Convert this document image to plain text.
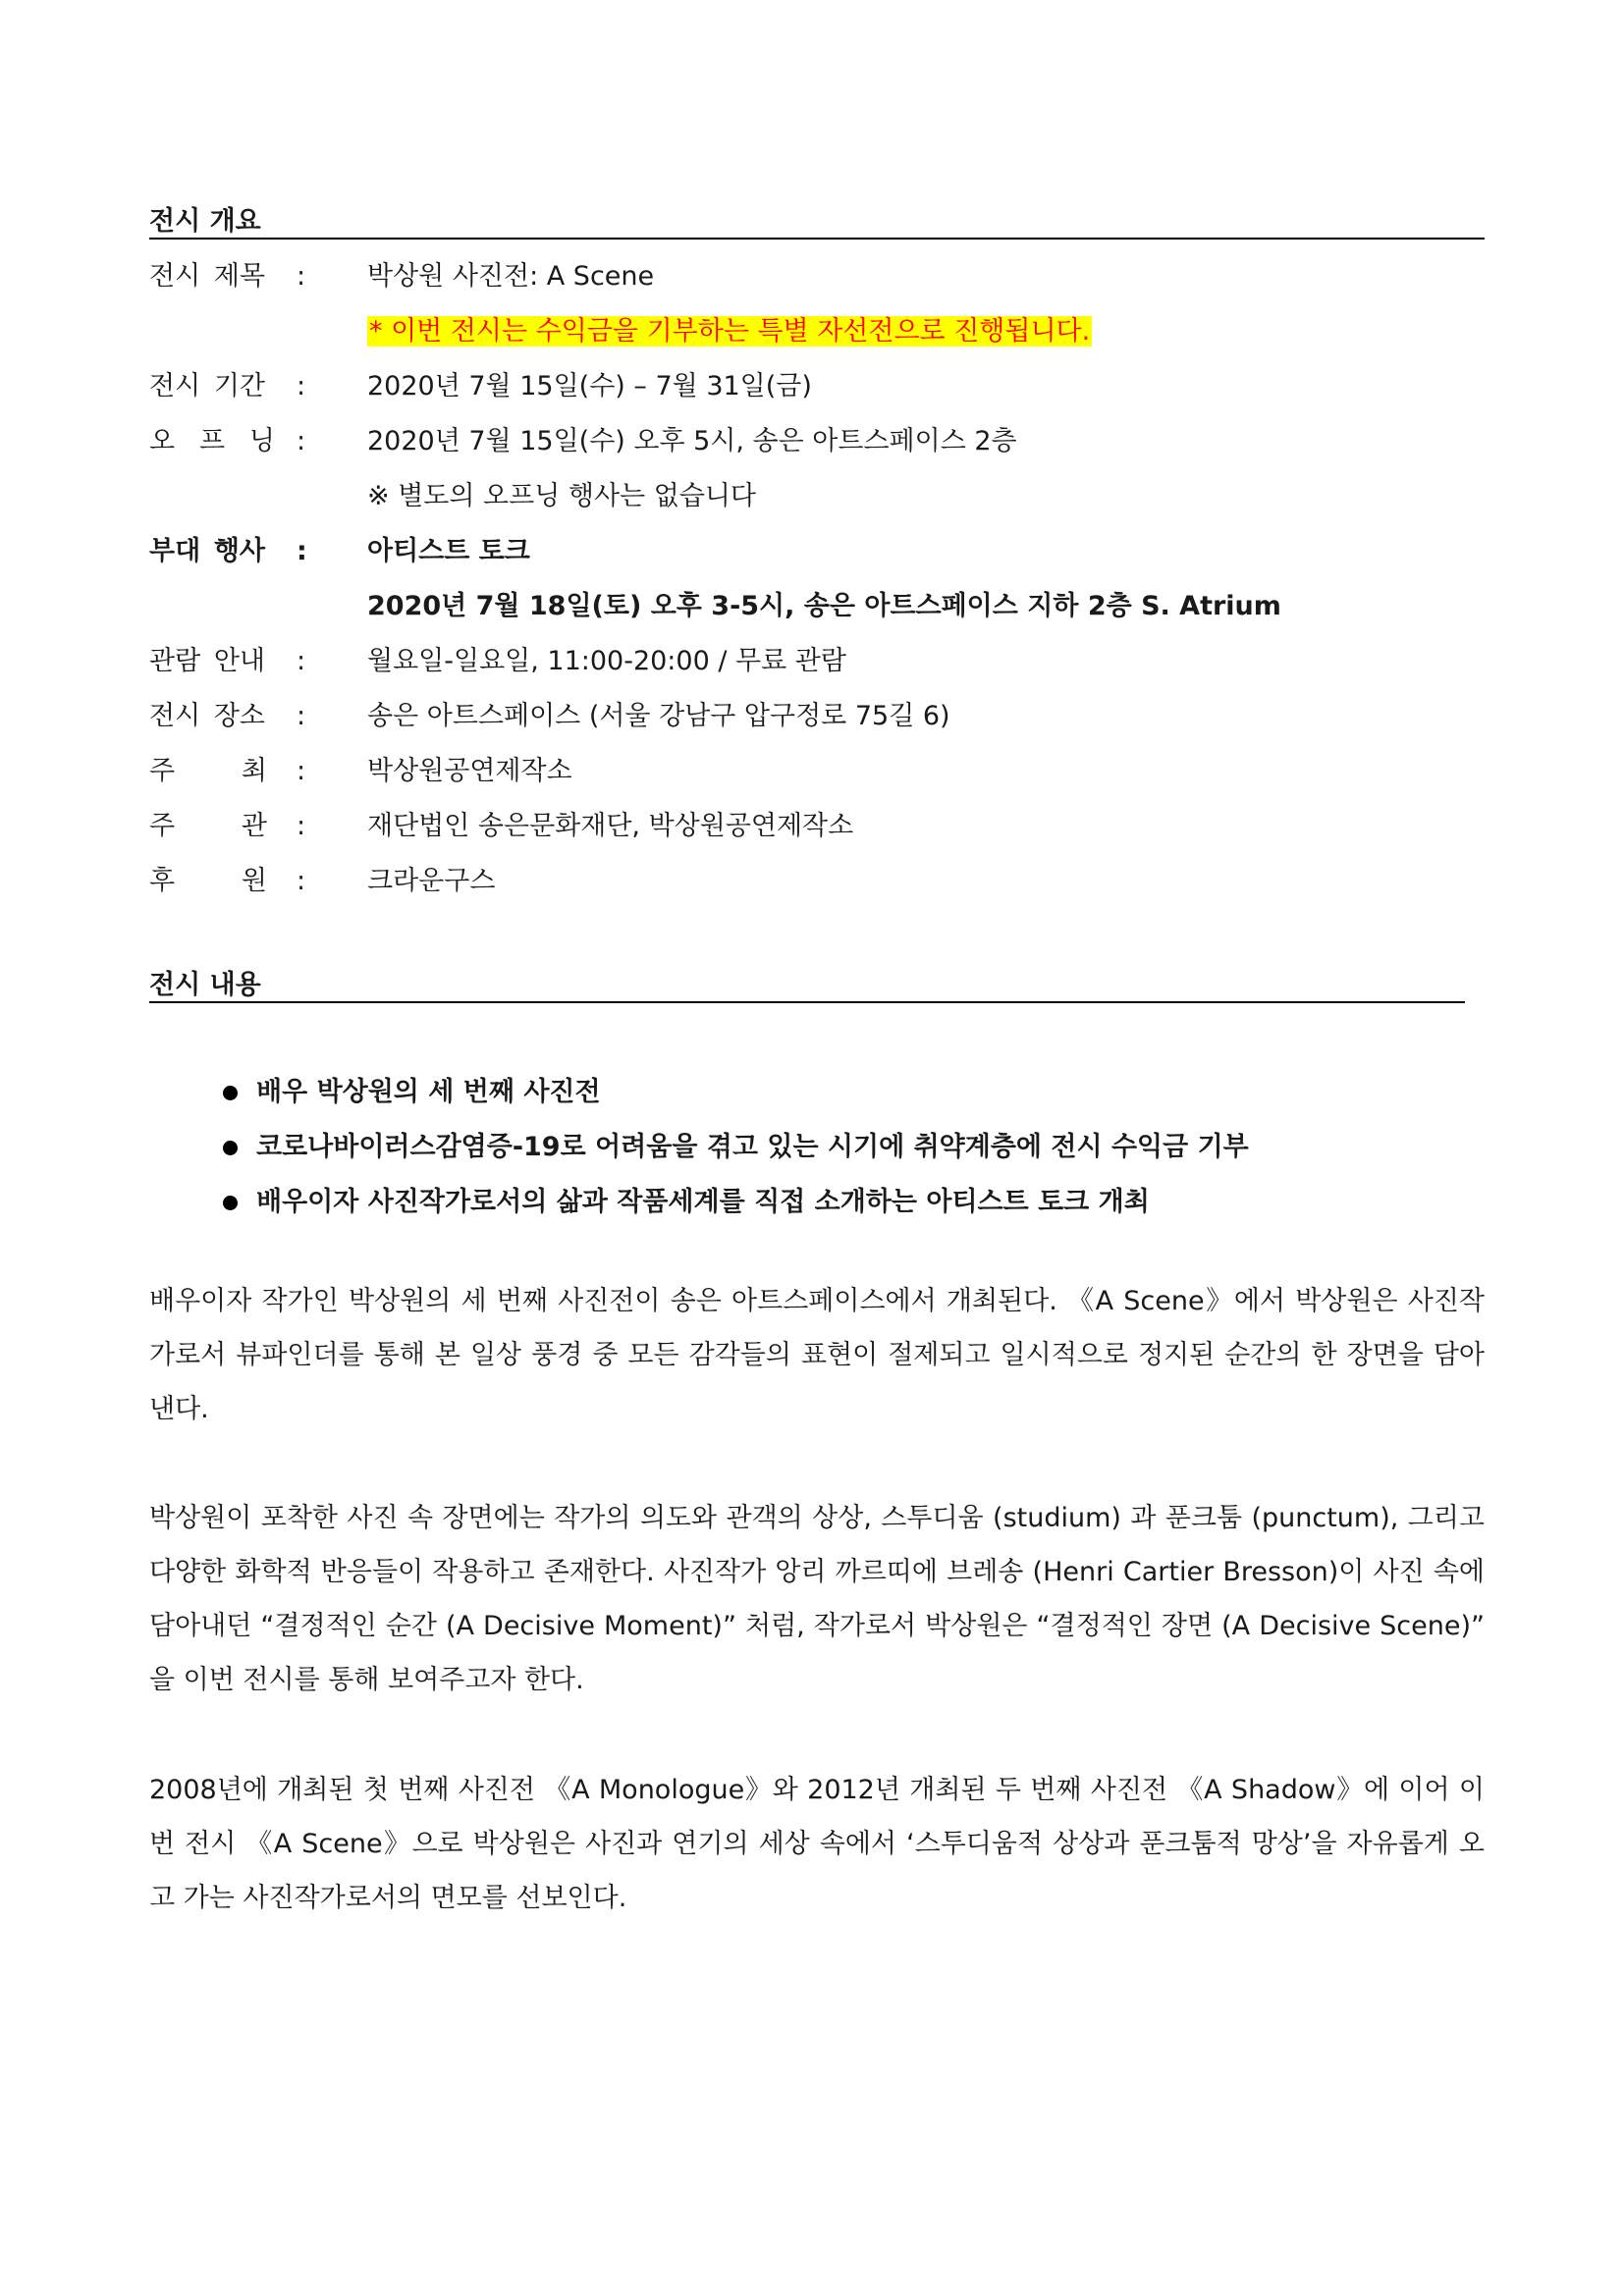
전시 개요
전시 제목 : 박상원 사진전: A Scene
* 이번 전시는 수익금을 기부하는 특별 자선전으로 진행됩니다.
전시 기간 : 2020년 7월 15일(수) – 7월 31일(금)
오 프 닝 : 2020년 7월 15일(수) 오후 5시, 송은 아트스페이스 2층
※ 별도의 오프닝 행사는 없습니다
부대 행사 : 아티스트 토크
2020년 7월 18일(토) 오후 3-5시, 송은 아트스페이스 지하 2층 S. Atrium
관람 안내 : 월요일-일요일, 11:00-20:00 / 무료 관람
전시 장소 : 송은 아트스페이스 (서울 강남구 압구정로 75길 6)
주	최 : 박상원공연제작소
주	관 : 재단법인 송은문화재단, 박상원공연제작소
후	원 : 크라운구스
전시 내용
배우 박상원의 세 번째 사진전
코로나바이러스감염증-19로 어려움을 겪고 있는 시기에 취약계층에 전시 수익금 기부
배우이자 사진작가로서의 삶과 작품세계를 직접 소개하는 아티스트 토크 개최

배우이자 작가인 박상원의 세 번째 사진전이 송은 아트스페이스에서 개최된다. 《A Scene》에서 박상원은 사진작가로서 뷰파인더를 통해 본 일상 풍경 중 모든 감각들의 표현이 절제되고 일시적으로 정지된 순간의 한 장면을 담아낸다.

박상원이 포착한 사진 속 장면에는 작가의 의도와 관객의 상상, 스투디움 (studium) 과 푼크툼 (punctum), 그리고 다양한 화학적 반응들이 작용하고 존재한다. 사진작가 앙리 까르띠에 브레송 (Henri Cartier Bresson)이 사진 속에 담아내던 “결정적인 순간 (A Decisive Moment)” 처럼, 작가로서 박상원은 “결정적인 장면 (A Decisive Scene)” 을 이번 전시를 통해 보여주고자 한다.

2008년에 개최된 첫 번째 사진전 《A Monologue》와 2012년 개최된 두 번째 사진전 《A Shadow》에 이어 이번 전시 《A Scene》으로 박상원은 사진과 연기의 세상 속에서 ‘스투디움적 상상과 푼크툼적 망상’을 자유롭게 오고 가는 사진작가로서의 면모를 선보인다.
